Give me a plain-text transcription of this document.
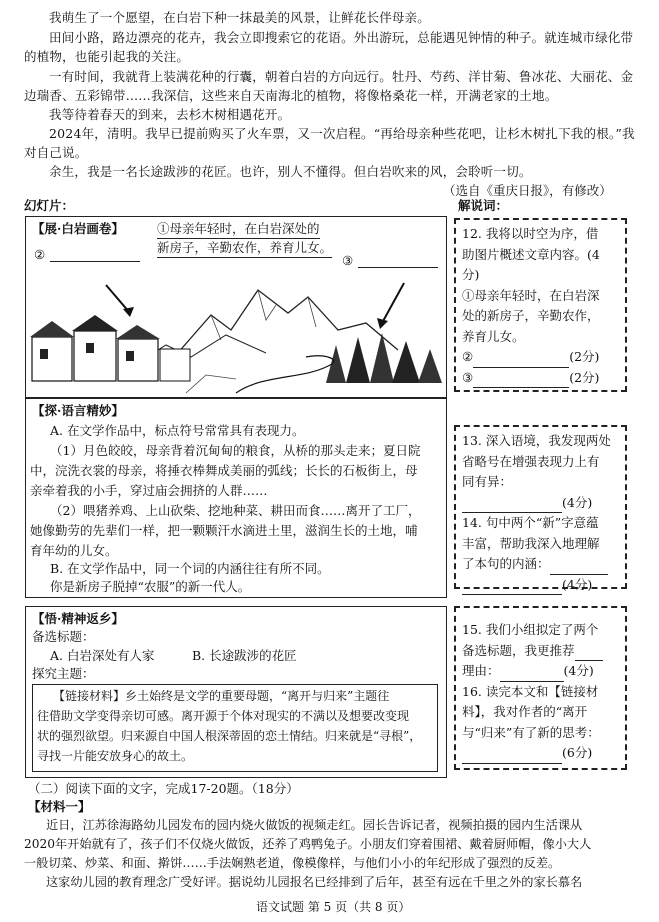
我萌生了一个愿望，在白岩下种一抹最美的风景，让鲜花长伴母亲。
田间小路，路边漂亮的花卉，我会立即搜索它的花语。外出游玩，总能遇见钟情的种子。就连城市绿化带的植物，也能引起我的关注。
一有时间，我就背上装满花种的行囊，朝着白岩的方向远行。牡丹、芍药、洋甘菊、鲁冰花、大丽花、金边瑞香、五彩锦带……我深信，这些来自天南海北的植物，将像格桑花一样，开满老家的土地。
我等待着春天的到来，去杉木树相遇花开。
2024年，清明。我早已提前购买了火车票，又一次启程。“再给母亲种些花吧，让杉木树扎下我的根。”我对自己说。
余生，我是一名长途跋涉的花匠。也许，别人不懂得。但白岩吹来的风，会聆听一切。
（选自《重庆日报》，有修改）
幻灯片：	解说词：
【展·白岩画卷】	①母亲年轻时，在白岩深处的
新房子，辛勤农作，养育儿女。
②	③
12. 我将以时空为序，借
助图片概述文章内容。(4
分)
①母亲年轻时，在白岩深
处的新房子，辛勤农作，
养育儿女。
②	(2分)
③	(2分)
【探·语言精妙】
A. 在文学作品中，标点符号常常具有表现力。
（1）月色皎皎，母亲背着沉甸甸的粮食，从桥的那头走来；夏日院
中，浣洗衣裳的母亲，将捶衣棒舞成美丽的弧线；长长的石板街上，母
亲牵着我的小手，穿过庙会拥挤的人群……
（2）喂猪养鸡、上山砍柴、挖地种菜、耕田而食……离开了工厂，
她像勤劳的先辈们一样，把一颗颗汗水滴进土里，滋润生长的土地，哺
育年幼的儿女。
B. 在文学作品中，同一个词的内涵往往有所不同。
你是新房子脱掉“农服”的新一代人。
13. 深入语境，我发现两处
省略号在增强表现力上有
同有异：
(4分)
14. 句中两个“新”字意蕴
丰富，帮助我深入地理解
了本句的内涵：
(4分)
【悟·精神返乡】
备选标题：
A. 白岩深处有人家	B. 长途跋涉的花匠
探究主题：
【链接材料】乡土始终是文学的重要母题，“离开与归来”主题往
往借助文学变得亲切可感。离开源于个体对现实的不满以及想要改变现
状的强烈欲望。归来源自中国人根深蒂固的恋土情结。归来就是“寻根”，
寻找一片能安放身心的故土。
15. 我们小组拟定了两个
备选标题，我更推荐
理由：	(4分)
16. 读完本文和【链接材
料】，我对作者的“离开
与“归来”有了新的思考：
(6分)
（二）阅读下面的文字，完成17-20题。（18分）
【材料一】
近日，江苏徐海路幼儿园发布的园内烧火做饭的视频走红。园长告诉记者，视频拍摄的园内生活课从
2020年开始就有了，孩子们不仅烧火做饭，还养了鸡鸭兔子。小朋友们穿着围裙、戴着厨师帽，像小大人
一般切菜、炒菜、和面、擀饼……手法娴熟老道，像模像样，与他们小小的年纪形成了强烈的反差。
这家幼儿园的教育理念广受好评。据说幼儿园报名已经排到了后年，甚至有远在千里之外的家长慕名
语文试题 第 5 页（共 8 页）
